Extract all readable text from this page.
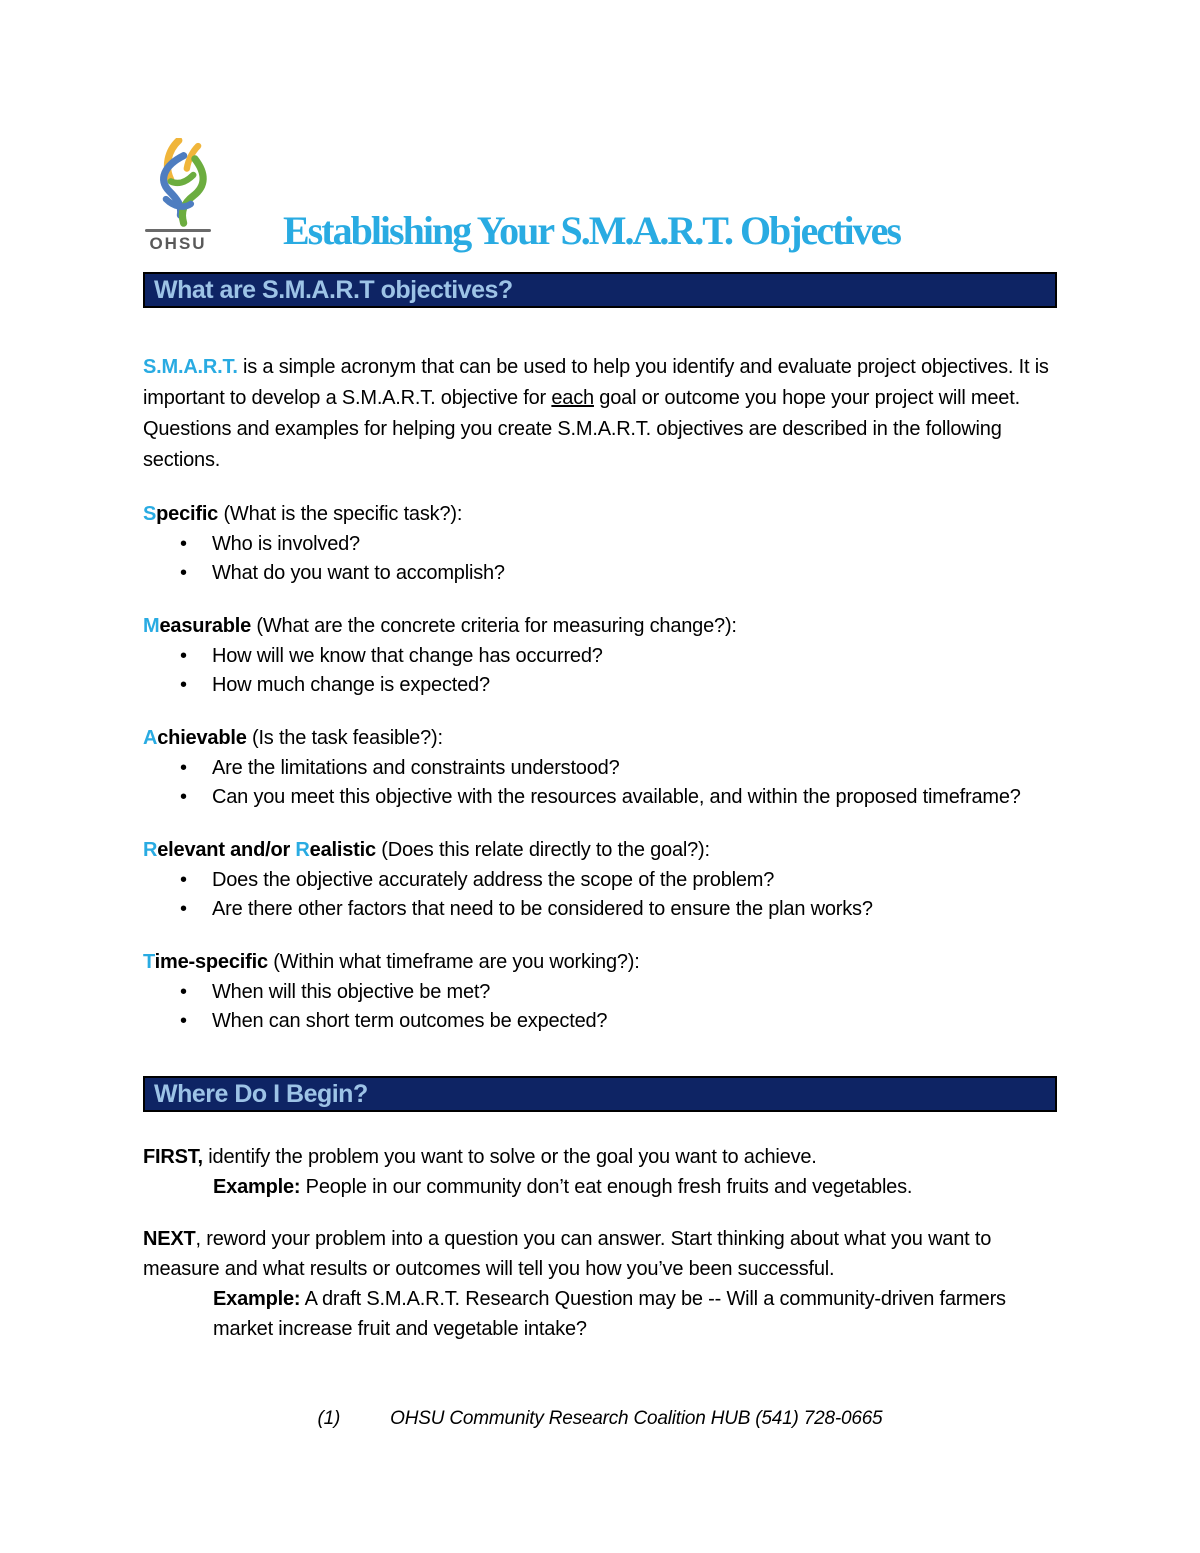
OHSU	Establishing Your S.M.A.R.T. Objectives
What are S.M.A.R.T objectives?

S.M.A.R.T. is a simple acronym that can be used to help you identify and evaluate project objectives. It is important to develop a S.M.A.R.T. objective for each goal or outcome you hope your project will meet. Questions and examples for helping you create S.M.A.R.T. objectives are described in the following sections.

Specific (What is the specific task?):

• Who is involved?
• What do you want to accomplish?

Measurable (What are the concrete criteria for measuring change?):

• How will we know that change has occurred?
• How much change is expected?

Achievable (Is the task feasible?):

• Are the limitations and constraints understood?
• Can you meet this objective with the resources available, and within the proposed timeframe?

Relevant and/or Realistic (Does this relate directly to the goal?):

• Does the objective accurately address the scope of the problem?
• Are there other factors that need to be considered to ensure the plan works?

Time-specific (Within what timeframe are you working?):

• When will this objective be met?
• When can short term outcomes be expected?
Where Do I Begin?

FIRST, identify the problem you want to solve or the goal you want to achieve.

Example: People in our community don’t eat enough fresh fruits and vegetables.

NEXT, reword your problem into a question you can answer. Start thinking about what you want to measure and what results or outcomes will tell you how you’ve been successful.

Example: A draft S.M.A.R.T. Research Question may be -- Will a community-driven farmers market increase fruit and vegetable intake?

(1)	OHSU Community Research Coalition HUB (541) 728-0665
